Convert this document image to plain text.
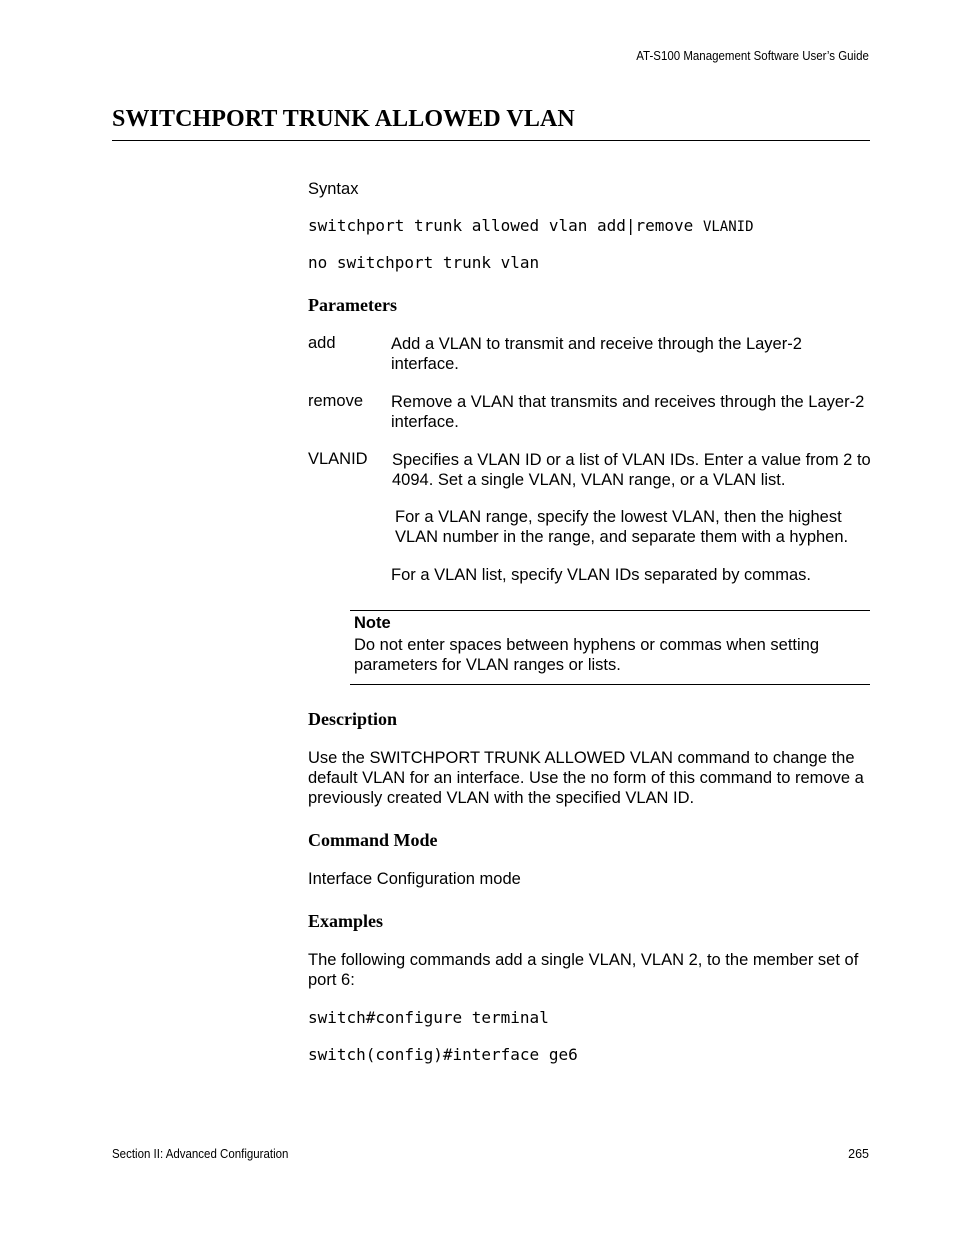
AT-S100 Management Software User’s Guide
SWITCHPORT TRUNK ALLOWED VLAN
Syntax
switchport trunk allowed vlan add|remove VLANID
no switchport trunk vlan
Parameters
add	Add a VLAN to transmit and receive through the Layer-2 interface.
remove Remove a VLAN that transmits and receives through the Layer-2 interface.
VLANID Specifies a VLAN ID or a list of VLAN IDs. Enter a value from 2 to 4094. Set a single VLAN, VLAN range, or a VLAN list.
For a VLAN range, specify the lowest VLAN, then the highest VLAN number in the range, and separate them with a hyphen.
For a VLAN list, specify VLAN IDs separated by commas.
Note
Do not enter spaces between hyphens or commas when setting parameters for VLAN ranges or lists.
Description
Use the SWITCHPORT TRUNK ALLOWED VLAN command to change the default VLAN for an interface. Use the no form of this command to remove a previously created VLAN with the specified VLAN ID.
Command Mode
Interface Configuration mode
Examples
The following commands add a single VLAN, VLAN 2, to the member set of port 6:
switch#configure terminal
switch(config)#interface ge6
Section II: Advanced Configuration	265
